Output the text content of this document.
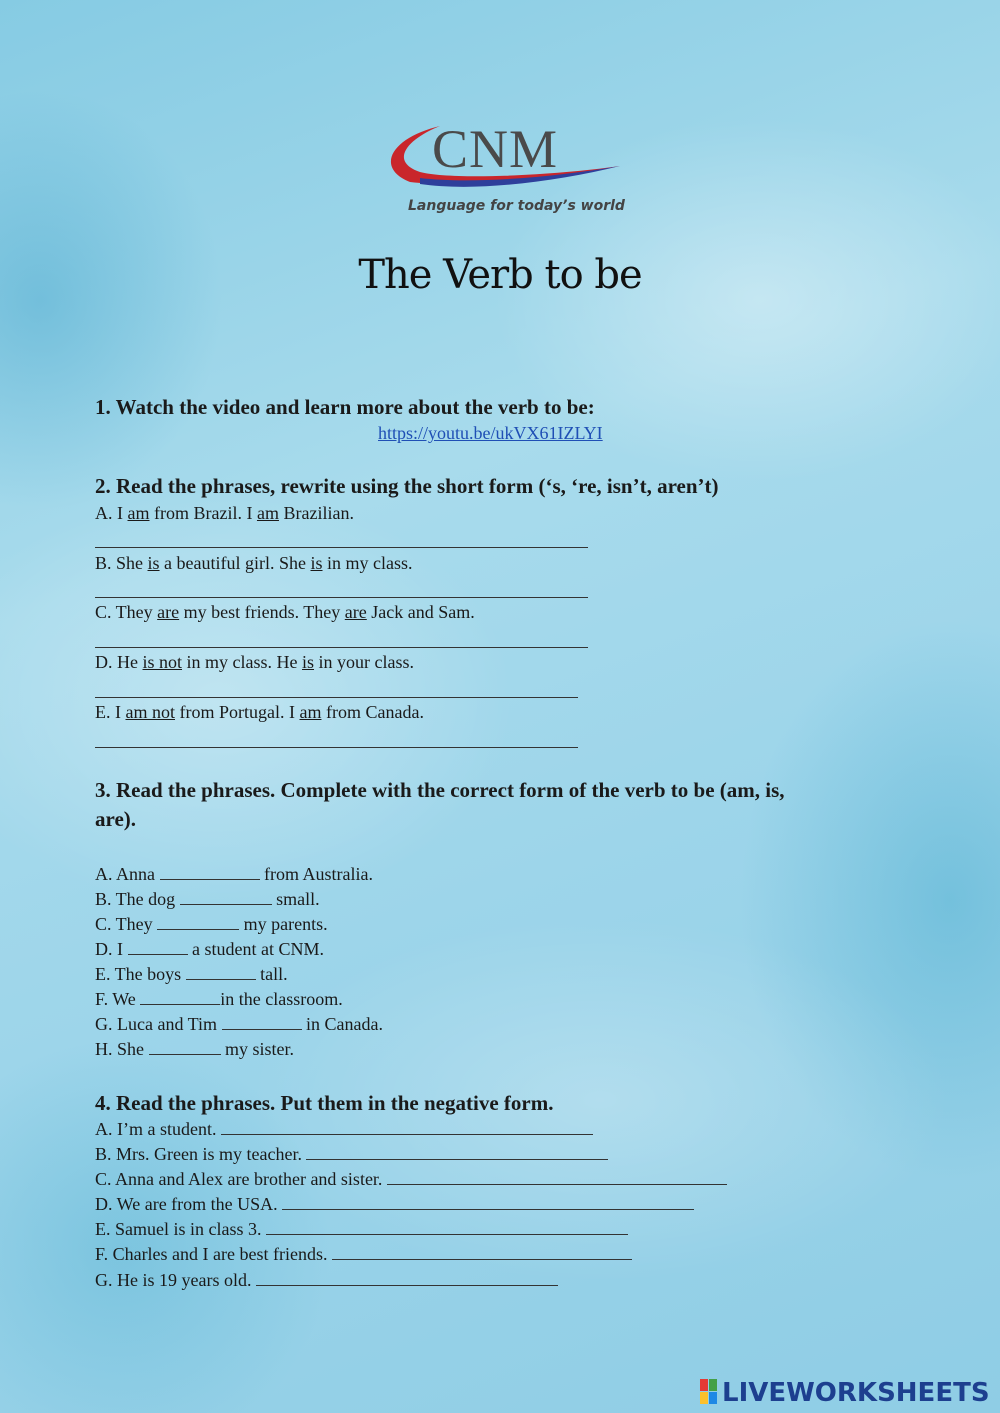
CNM
Language for today’s world
The Verb to be
1. Watch the video and learn more about the verb to be:
https://youtu.be/ukVX61IZLYI
2. Read the phrases, rewrite using the short form (‘s, ‘re, isn’t, aren’t)
A. I am from Brazil. I am Brazilian.
B. She is a beautiful girl. She is in my class.
C. They are my best friends. They are Jack and Sam.
D. He is not in my class. He is in your class.
E. I am not from Portugal. I am from Canada.
3. Read the phrases. Complete with the correct form of the verb to be (am, is,
are).
A. Anna	from Australia.
B. The dog	small.
C. They	my parents.
D. I	a student at CNM.
E. The boys	tall.
F. We	in the classroom.
G. Luca and Tim	in Canada.
H. She	my sister.
4. Read the phrases. Put them in the negative form.
A. I’m a student.
B. Mrs. Green is my teacher.
C. Anna and Alex are brother and sister.
D. We are from the USA.
E. Samuel is in class 3.
F. Charles and I are best friends.
G. He is 19 years old.
LIVEWORKSHEETS
